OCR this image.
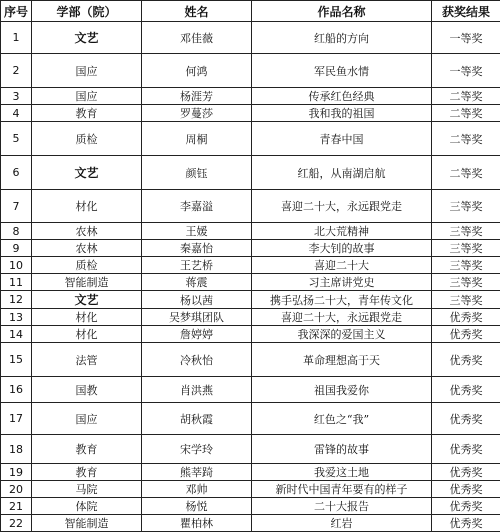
序号	学部（院）	姓名	作品名称	获奖结果
1	文艺	邓佳薇	红船的方向	一等奖
2	国应	何鸿	军民鱼水情	一等奖
3	国应	杨涯芳	传承红色经典	二等奖
4	教育	罗蔓莎	我和我的祖国	二等奖
5	质检	周桐	青春中国	二等奖
6	文艺	颜钰	红船，从南湖启航	二等奖
7	材化	李嘉溢	喜迎二十大，永远跟党走	三等奖
8	农林	王媛	北大荒精神	三等奖
9	农林	秦嘉怡	李大钊的故事	三等奖
10	质检	王艺桥	喜迎二十大	三等奖
11	智能制造	蒋震	习主席讲党史	三等奖
12	文艺	杨以茜	携手弘扬二十大，青年传文化	三等奖
13	材化	吴梦琪团队	喜迎二十大，永远跟党走	优秀奖
14	材化	詹婷婷	我深深的爱国主义	优秀奖
15	法管	冷秋怡	革命理想高于天	优秀奖
16	国教	肖洪燕	祖国我爱你	优秀奖
17	国应	胡秋霞	红色之“我”	优秀奖
18	教育	宋学玲	雷锋的故事	优秀奖
19	教育	熊莘踦	我爱这土地	优秀奖
20	马院	邓帅	新时代中国青年要有的样子	优秀奖
21	体院	杨悦	二十大报告	优秀奖
22	智能制造	瞿柏林	红岩	优秀奖
